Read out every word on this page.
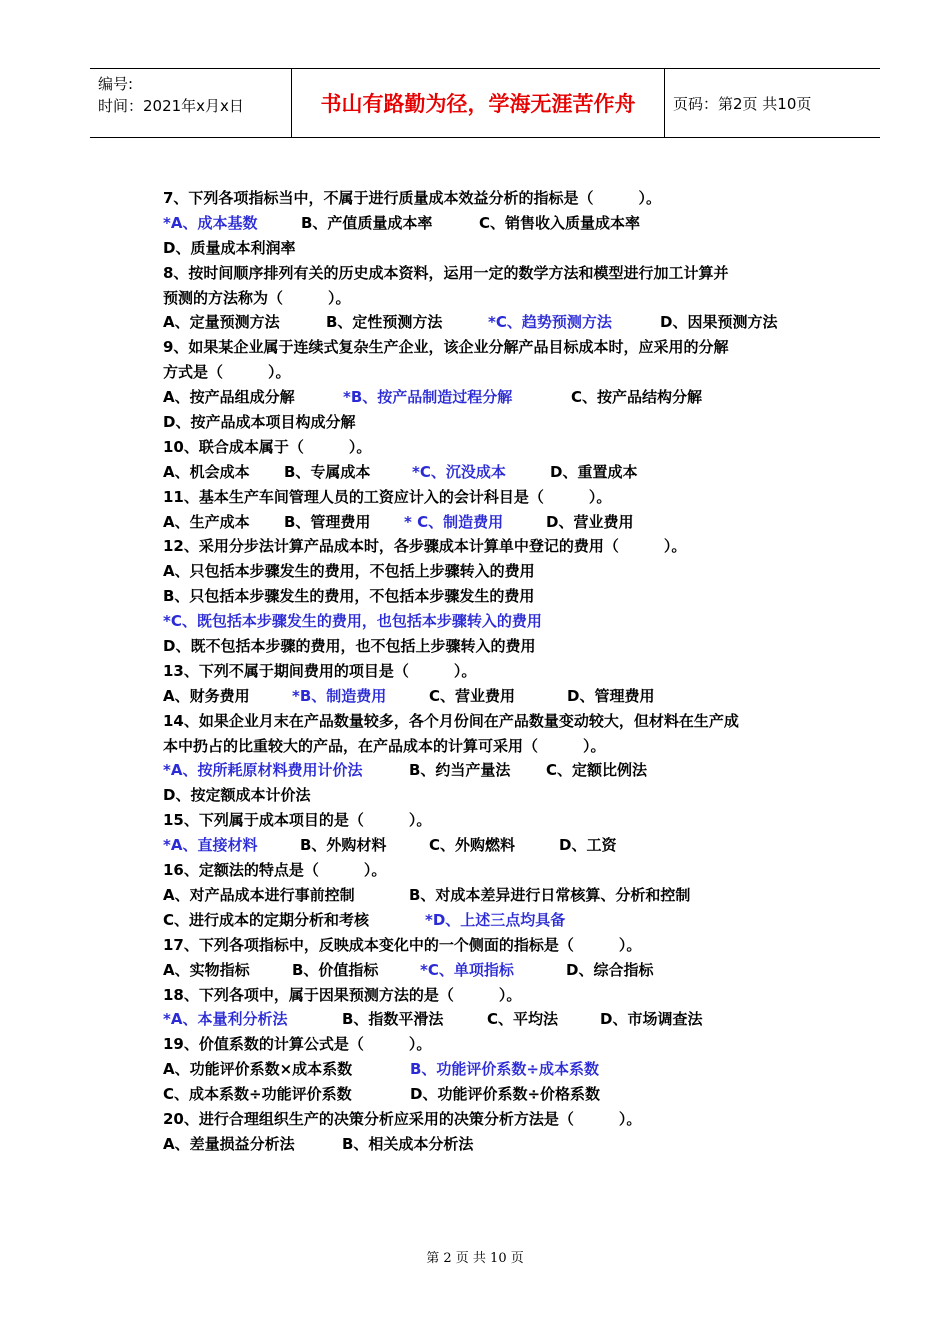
编号:
时间：2021年x月x日	书山有路勤为径，学海无涯苦作舟	页码：第2页 共10页
7、下列各项指标当中，不属于进行质量成本效益分析的指标是（　　　）。
*A、成本基数	B、产值质量成本率	C、销售收入质量成本率
D、质量成本利润率
8、按时间顺序排列有关的历史成本资料，运用一定的数学方法和模型进行加工计算并
预测的方法称为（　　　）。
A、定量预测方法	B、定性预测方法	*C、趋势预测方法	D、因果预测方法
9、如果某企业属于连续式复杂生产企业，该企业分解产品目标成本时，应采用的分解
方式是（　　　）。
A、按产品组成分解	*B、按产品制造过程分解	C、按产品结构分解
D、按产品成本项目构成分解
10、联合成本属于（　　　）。
A、机会成本 B、专属成本	*C、沉没成本	D、重置成本
11、基本生产车间管理人员的工资应计入的会计科目是（　　　）。
A、生产成本 B、管理费用 * C、制造费用	D、营业费用
12、采用分步法计算产品成本时，各步骤成本计算单中登记的费用（　　　）。
A、只包括本步骤发生的费用，不包括上步骤转入的费用
B、只包括本步骤发生的费用，不包括本步骤发生的费用
*C、既包括本步骤发生的费用，也包括本步骤转入的费用
D、既不包括本步骤的费用，也不包括上步骤转入的费用
13、下列不属于期间费用的项目是（　　　）。
A、财务费用	*B、制造费用	C、营业费用	D、管理费用
14、如果企业月末在产品数量较多，各个月份间在产品数量变动较大，但材料在生产成
本中扔占的比重较大的产品，在产品成本的计算可采用（　　　）。
*A、按所耗原材料费用计价法	B、约当产量法 C、定额比例法
D、按定额成本计价法
15、下列属于成本项目的是（　　　）。
*A、直接材料	B、外购材料	C、外购燃料	D、工资
16、定额法的特点是（　　　）。
A、对产品成本进行事前控制	B、对成本差异进行日常核算、分析和控制
C、进行成本的定期分析和考核	*D、上述三点均具备
17、下列各项指标中，反映成本变化中的一个侧面的指标是（　　　）。
A、实物指标	B、价值指标	*C、单项指标	D、综合指标
18、下列各项中，属于因果预测方法的是（　　　）。
*A、本量利分析法	B、指数平滑法	C、平均法	D、市场调查法
19、价值系数的计算公式是（　　　）。
A、功能评价系数×成本系数	B、功能评价系数÷成本系数
C、成本系数÷功能评价系数	D、功能评价系数÷价格系数
20、进行合理组织生产的决策分析应采用的决策分析方法是（　　　）。
A、差量损益分析法	B、相关成本分析法
第 2 页 共 10 页
